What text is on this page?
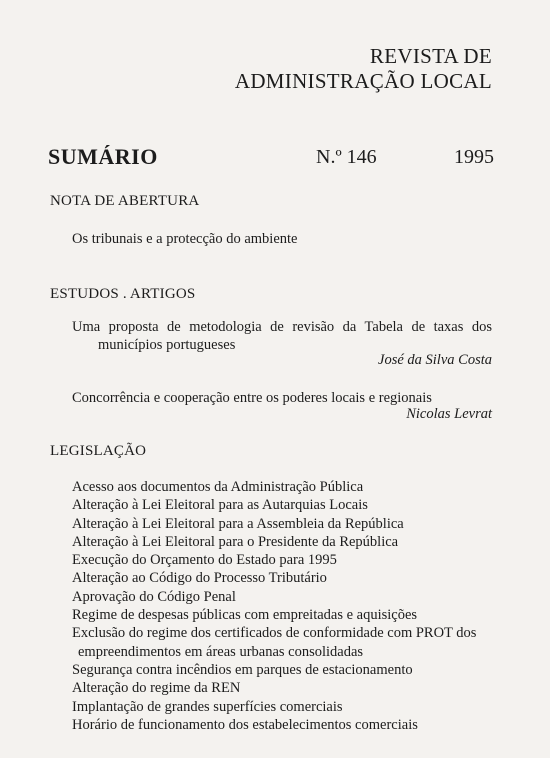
REVISTA DE
ADMINISTRAÇÃO LOCAL
SUMÁRIO	N.º 146	1995
NOTA DE ABERTURA
Os tribunais e a protecção do ambiente
ESTUDOS . ARTIGOS
Uma proposta de metodologia de revisão da Tabela de taxas dos
municípios portugueses
José da Silva Costa
Concorrência e cooperação entre os poderes locais e regionais
Nicolas Levrat
LEGISLAÇÃO
Acesso aos documentos da Administração Pública
Alteração à Lei Eleitoral para as Autarquias Locais
Alteração à Lei Eleitoral para a Assembleia da República
Alteração à Lei Eleitoral para o Presidente da República
Execução do Orçamento do Estado para 1995
Alteração ao Código do Processo Tributário
Aprovação do Código Penal
Regime de despesas públicas com empreitadas e aquisições
Exclusão do regime dos certificados de conformidade com PROT dos
empreendimentos em áreas urbanas consolidadas
Segurança contra incêndios em parques de estacionamento
Alteração do regime da REN
Implantação de grandes superfícies comerciais
Horário de funcionamento dos estabelecimentos comerciais
